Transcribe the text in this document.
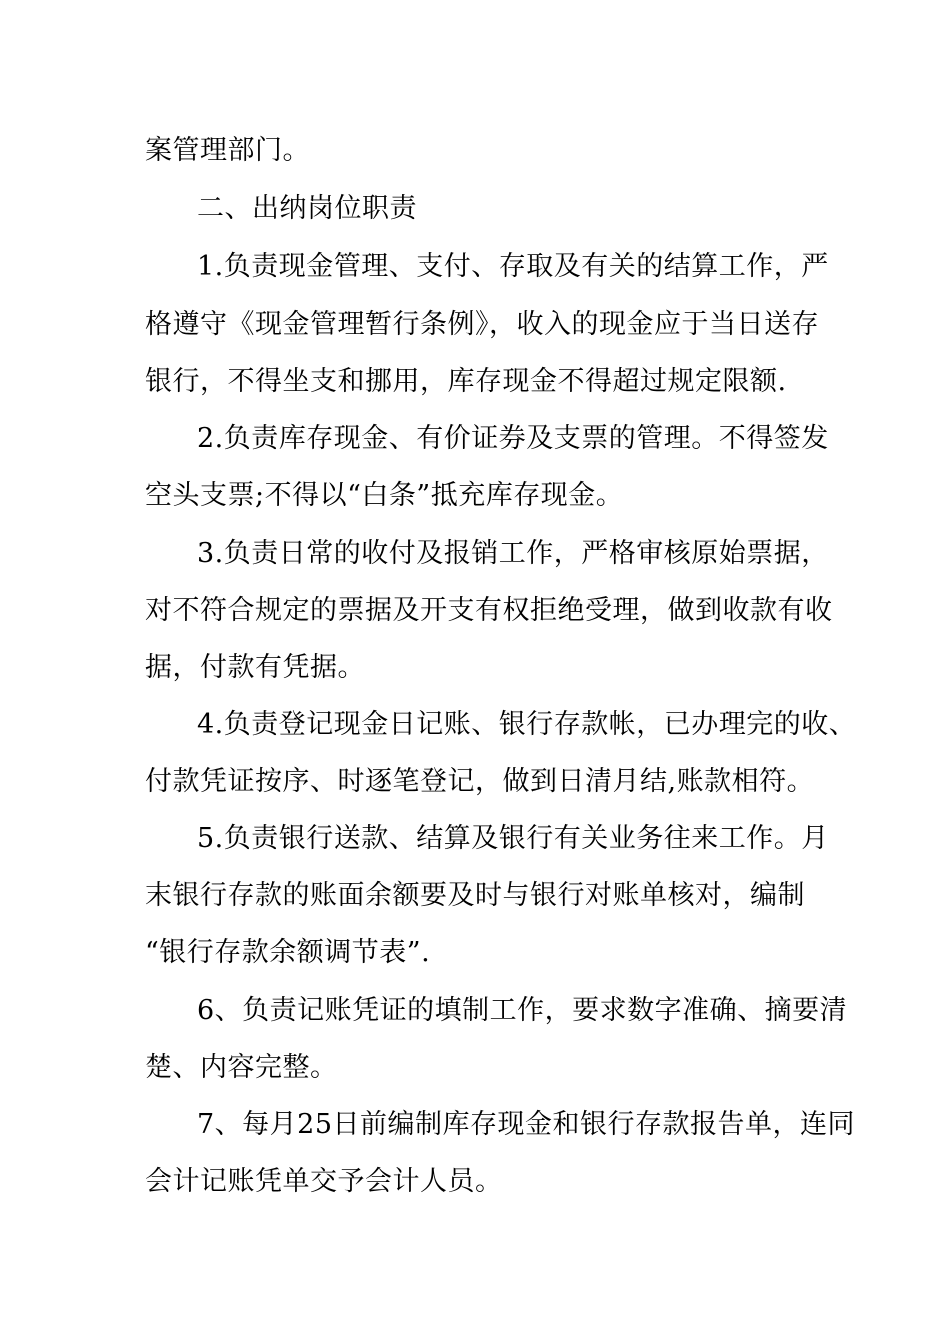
案管理部门。
二、出纳岗位职责
1.负责现金管理、支付、存取及有关的结算工作，严
格遵守《现金管理暂行条例》，收入的现金应于当日送存
银行，不得坐支和挪用，库存现金不得超过规定限额.
2.负责库存现金、有价证券及支票的管理。不得签发
空头支票;不得以“白条”抵充库存现金。
3.负责日常的收付及报销工作，严格审核原始票据，
对不符合规定的票据及开支有权拒绝受理，做到收款有收
据，付款有凭据。
4.负责登记现金日记账、银行存款帐，已办理完的收、
付款凭证按序、时逐笔登记，做到日清月结,账款相符。
5.负责银行送款、结算及银行有关业务往来工作。月
末银行存款的账面余额要及时与银行对账单核对，编制
“银行存款余额调节表”.
6、负责记账凭证的填制工作，要求数字准确、摘要清
楚、内容完整。
7、每月25日前编制库存现金和银行存款报告单，连同
会计记账凭单交予会计人员。
